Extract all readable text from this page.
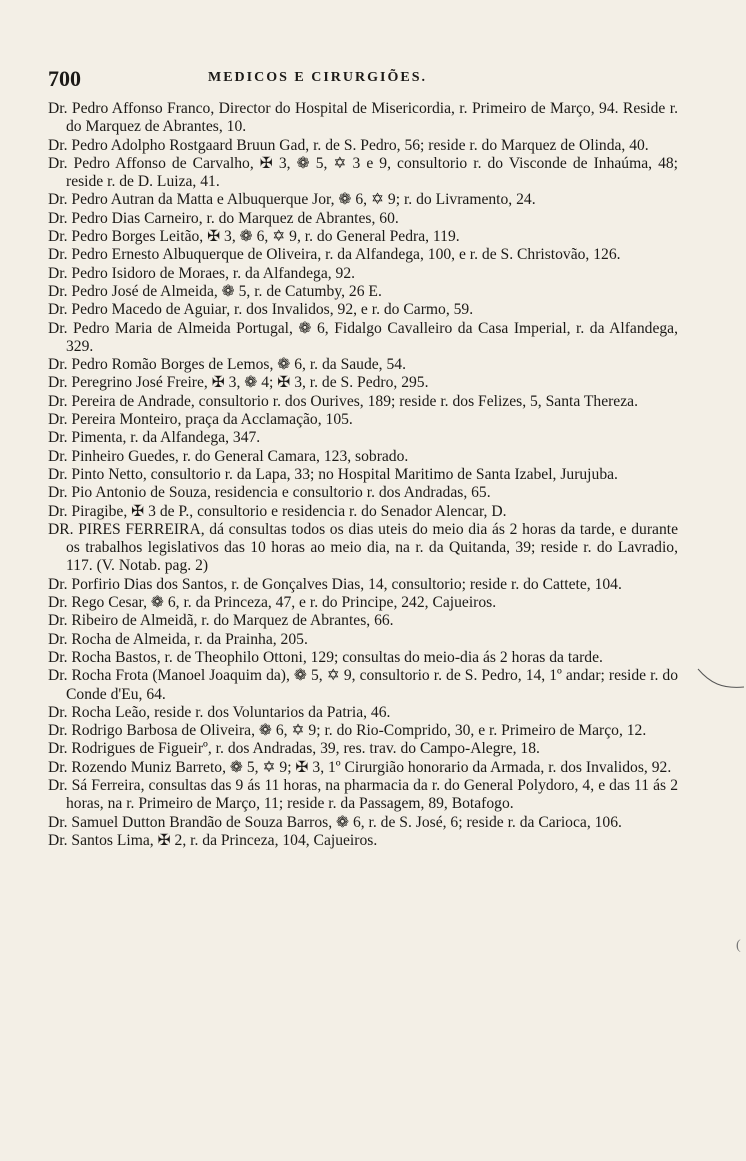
700	MEDICOS E CIRURGIÕES.

Dr. Pedro Affonso Franco, Director do Hospital de Misericordia, r. Primeiro de Março, 94. Reside r. do Marquez de Abrantes, 10.

Dr. Pedro Adolpho Rostgaard Bruun Gad, r. de S. Pedro, 56; reside r. do Marquez de Olinda, 40.

Dr. Pedro Affonso de Carvalho, ✠ 3, ❁ 5, ✡ 3 e 9, consultorio r. do Visconde de Inhaúma, 48; reside r. de D. Luiza, 41.

Dr. Pedro Autran da Matta e Albuquerque Jor, ❁ 6, ✡ 9; r. do Livramento, 24.

Dr. Pedro Dias Carneiro, r. do Marquez de Abrantes, 60.

Dr. Pedro Borges Leitão, ✠ 3, ❁ 6, ✡ 9, r. do General Pedra, 119.

Dr. Pedro Ernesto Albuquerque de Oliveira, r. da Alfandega, 100, e r. de S. Christovão, 126.

Dr. Pedro Isidoro de Moraes, r. da Alfandega, 92.

Dr. Pedro José de Almeida, ❁ 5, r. de Catumby, 26 E.

Dr. Pedro Macedo de Aguiar, r. dos Invalidos, 92, e r. do Carmo, 59.

Dr. Pedro Maria de Almeida Portugal, ❁ 6, Fidalgo Cavalleiro da Casa Imperial, r. da Alfandega, 329.

Dr. Pedro Romão Borges de Lemos, ❁ 6, r. da Saude, 54.

Dr. Peregrino José Freire, ✠ 3, ❁ 4; ✠ 3, r. de S. Pedro, 295.

Dr. Pereira de Andrade, consultorio r. dos Ourives, 189; reside r. dos Felizes, 5, Santa Thereza.

Dr. Pereira Monteiro, praça da Acclamação, 105.

Dr. Pimenta, r. da Alfandega, 347.

Dr. Pinheiro Guedes, r. do General Camara, 123, sobrado.

Dr. Pinto Netto, consultorio r. da Lapa, 33; no Hospital Maritimo de Santa Izabel, Jurujuba.

Dr. Pio Antonio de Souza, residencia e consultorio r. dos Andradas, 65.

Dr. Piragibe, ✠ 3 de P., consultorio e residencia r. do Senador Alencar, D.

DR. PIRES FERREIRA, dá consultas todos os dias uteis do meio dia ás 2 horas da tarde, e durante os trabalhos legislativos das 10 horas ao meio dia, na r. da Quitanda, 39; reside r. do Lavradio, 117. (V. Notab. pag. 2)

Dr. Porfirio Dias dos Santos, r. de Gonçalves Dias, 14, consultorio; reside r. do Cattete, 104.

Dr. Rego Cesar, ❁ 6, r. da Princeza, 47, e r. do Principe, 242, Cajueiros.

Dr. Ribeiro de Almeidã, r. do Marquez de Abrantes, 66.

Dr. Rocha de Almeida, r. da Prainha, 205.

Dr. Rocha Bastos, r. de Theophilo Ottoni, 129; consultas do meio-dia ás 2 horas da tarde.

Dr. Rocha Frota (Manoel Joaquim da), ❁ 5, ✡ 9, consultorio r. de S. Pedro, 14, 1º andar; reside r. do Conde d'Eu, 64.

Dr. Rocha Leão, reside r. dos Voluntarios da Patria, 46.

Dr. Rodrigo Barbosa de Oliveira, ❁ 6, ✡ 9; r. do Rio-Comprido, 30, e r. Primeiro de Março, 12.

Dr. Rodrigues de Figueirº, r. dos Andradas, 39, res. trav. do Campo-Alegre, 18.

Dr. Rozendo Muniz Barreto, ❁ 5, ✡ 9; ✠ 3, 1º Cirurgião honorario da Armada, r. dos Invalidos, 92.

Dr. Sá Ferreira, consultas das 9 ás 11 horas, na pharmacia da r. do General Polydoro, 4, e das 11 ás 2 horas, na r. Primeiro de Março, 11; reside r. da Passagem, 89, Botafogo.

Dr. Samuel Dutton Brandão de Souza Barros, ❁ 6, r. de S. José, 6; reside r. da Carioca, 106.

Dr. Santos Lima, ✠ 2, r. da Princeza, 104, Cajueiros.

(
